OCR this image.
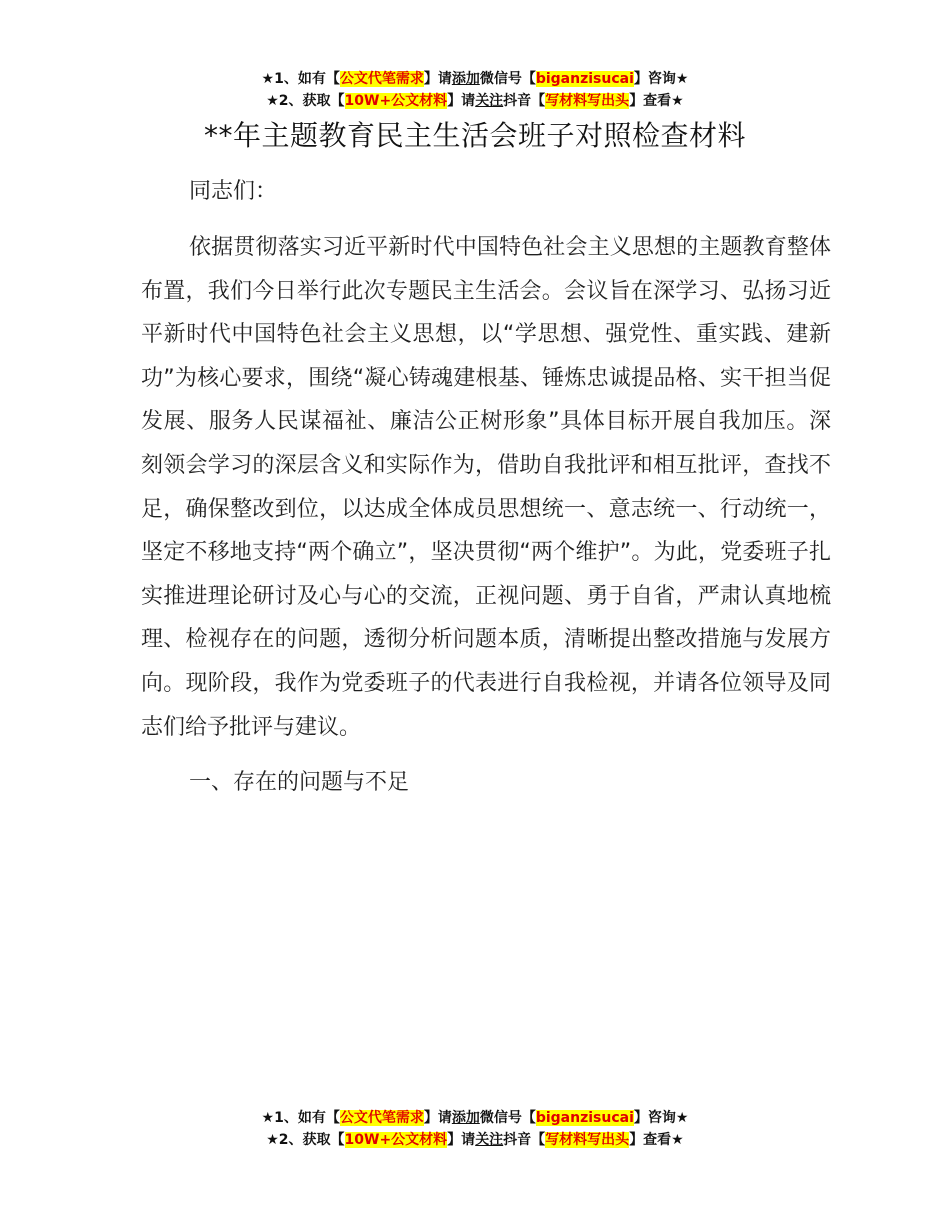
★1、如有【公文代笔需求】请添加微信号【biganzisucai】咨询★
★2、获取【10W+公文材料】请关注抖音【写材料写出头】查看★
**年主题教育民主生活会班子对照检查材料

同志们：

依据贯彻落实习近平新时代中国特色社会主义思想的主题教育整体布置，我们今日举行此次专题民主生活会。会议旨在深学习、弘扬习近平新时代中国特色社会主义思想，以“学思想、强党性、重实践、建新功”为核心要求，围绕“凝心铸魂建根基、锤炼忠诚提品格、实干担当促发展、服务人民谋福祉、廉洁公正树形象”具体目标开展自我加压。深刻领会学习的深层含义和实际作为，借助自我批评和相互批评，查找不足，确保整改到位，以达成全体成员思想统一、意志统一、行动统一，坚定不移地支持“两个确立”，坚决贯彻“两个维护”。为此，党委班子扎实推进理论研讨及心与心的交流，正视问题、勇于自省，严肃认真地梳理、检视存在的问题，透彻分析问题本质，清晰提出整改措施与发展方向。现阶段，我作为党委班子的代表进行自我检视，并请各位领导及同志们给予批评与建议。

一、存在的问题与不足

★1、如有【公文代笔需求】请添加微信号【biganzisucai】咨询★
★2、获取【10W+公文材料】请关注抖音【写材料写出头】查看★
